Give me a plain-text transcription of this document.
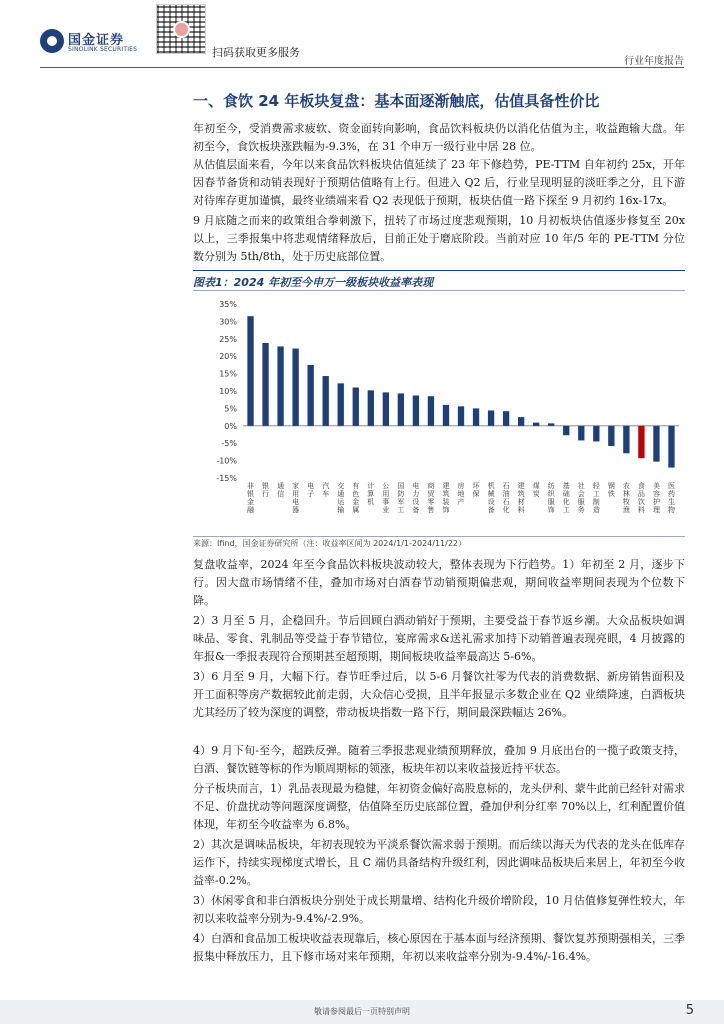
国金证券
SINOLINK SECURITIES	扫码获取更多服务
行业年度报告
一、食饮 24 年板块复盘：基本面逐渐触底，估值具备性价比

年初至今，受消费需求疲软、资金面转向影响，食品饮料板块仍以消化估值为主，收益跑输大盘。年初至今，食饮板块涨跌幅为-9.3%，在 31 个申万一级行业中居 28 位。

从估值层面来看，今年以来食品饮料板块估值延续了 23 年下修趋势，PE-TTM 自年初约 25x，开年因春节备货和动销表现好于预期估值略有上行。但进入 Q2 后，行业呈现明显的淡旺季之分，且下游对待库存更加谨慎，最终业绩端来看 Q2 表现低于预期，板块估值一路下探至 9 月初约 16x-17x。

9 月底随之而来的政策组合拳刺激下，扭转了市场过度悲观预期，10 月初板块估值逐步修复至 20x 以上，三季报集中将悲观情绪释放后，目前正处于磨底阶段。当前对应 10 年/5 年的 PE-TTM 分位数分别为 5th/8th，处于历史底部位置。

图表1：2024 年初至今申万一级板块收益率表现
35%
30%
25%
20%
15%
10%
5%
0%
-5%
-10%
-15%
非银金融
银行
通信
家用电器
电子
汽车
交通运输
有色金属
计算机
公用事业
国防军工
电力设备
商贸零售
建筑装饰
房地产
环保
机械设备
石油石化
建筑材料
煤炭
纺织服饰
基础化工
社会服务
轻工制造
钢铁
农林牧渔
食品饮料
美容护理
医药生物
来源：Ifind，国金证券研究所（注：收益率区间为 2024/1/1-2024/11/22）

复盘收益率，2024 年至今食品饮料板块波动较大，整体表现为下行趋势。1）年初至 2 月，逐步下行。因大盘市场情绪不佳，叠加市场对白酒春节动销预期偏悲观，期间收益率期间表现为个位数下降。

2）3 月至 5 月，企稳回升。节后回顾白酒动销好于预期，主要受益于春节返乡潮。大众品板块如调味品、零食、乳制品等受益于春节错位，宴席需求&送礼需求加持下动销普遍表现亮眼，4 月披露的年报&一季报表现符合预期甚至超预期，期间板块收益率最高达 5-6%。

3）6 月至 9 月，大幅下行。春节旺季过后，以 5-6 月餐饮社零为代表的消费数据、新房销售面积及开工面积等房产数据较此前走弱，大众信心受损，且半年报显示多数企业在 Q2 业绩降速，白酒板块尤其经历了较为深度的调整，带动板块指数一路下行，期间最深跌幅达 26%。

4）9 月下旬-至今，超跌反弹。随着三季报悲观业绩预期释放，叠加 9 月底出台的一揽子政策支持，白酒、餐饮链等标的作为顺周期标的领涨，板块年初以来收益接近持平状态。

分子板块而言，1）乳品表现最为稳健，年初资金偏好高股息标的，龙头伊利、蒙牛此前已经针对需求不足、价盘扰动等问题深度调整，估值降至历史底部位置，叠加伊利分红率 70%以上，红利配置价值体现，年初至今收益率为 6.8%。

2）其次是调味品板块，年初表现较为平淡系餐饮需求弱于预期。而后续以海天为代表的龙头在低库存运作下，持续实现梯度式增长，且 C 端仍具备结构升级红利，因此调味品板块后来居上，年初至今收益率-0.2%。

3）休闲零食和非白酒板块分别处于成长期量增、结构化升级价增阶段，10 月估值修复弹性较大，年初以来收益率分别为-9.4%/-2.9%。

4）白酒和食品加工板块收益表现靠后，核心原因在于基本面与经济预期、餐饮复苏预期强相关，三季报集中释放压力，且下修市场对来年预期，年初以来收益率分别为-9.4%/-16.4%。

敬请参阅最后一页特别声明	5
